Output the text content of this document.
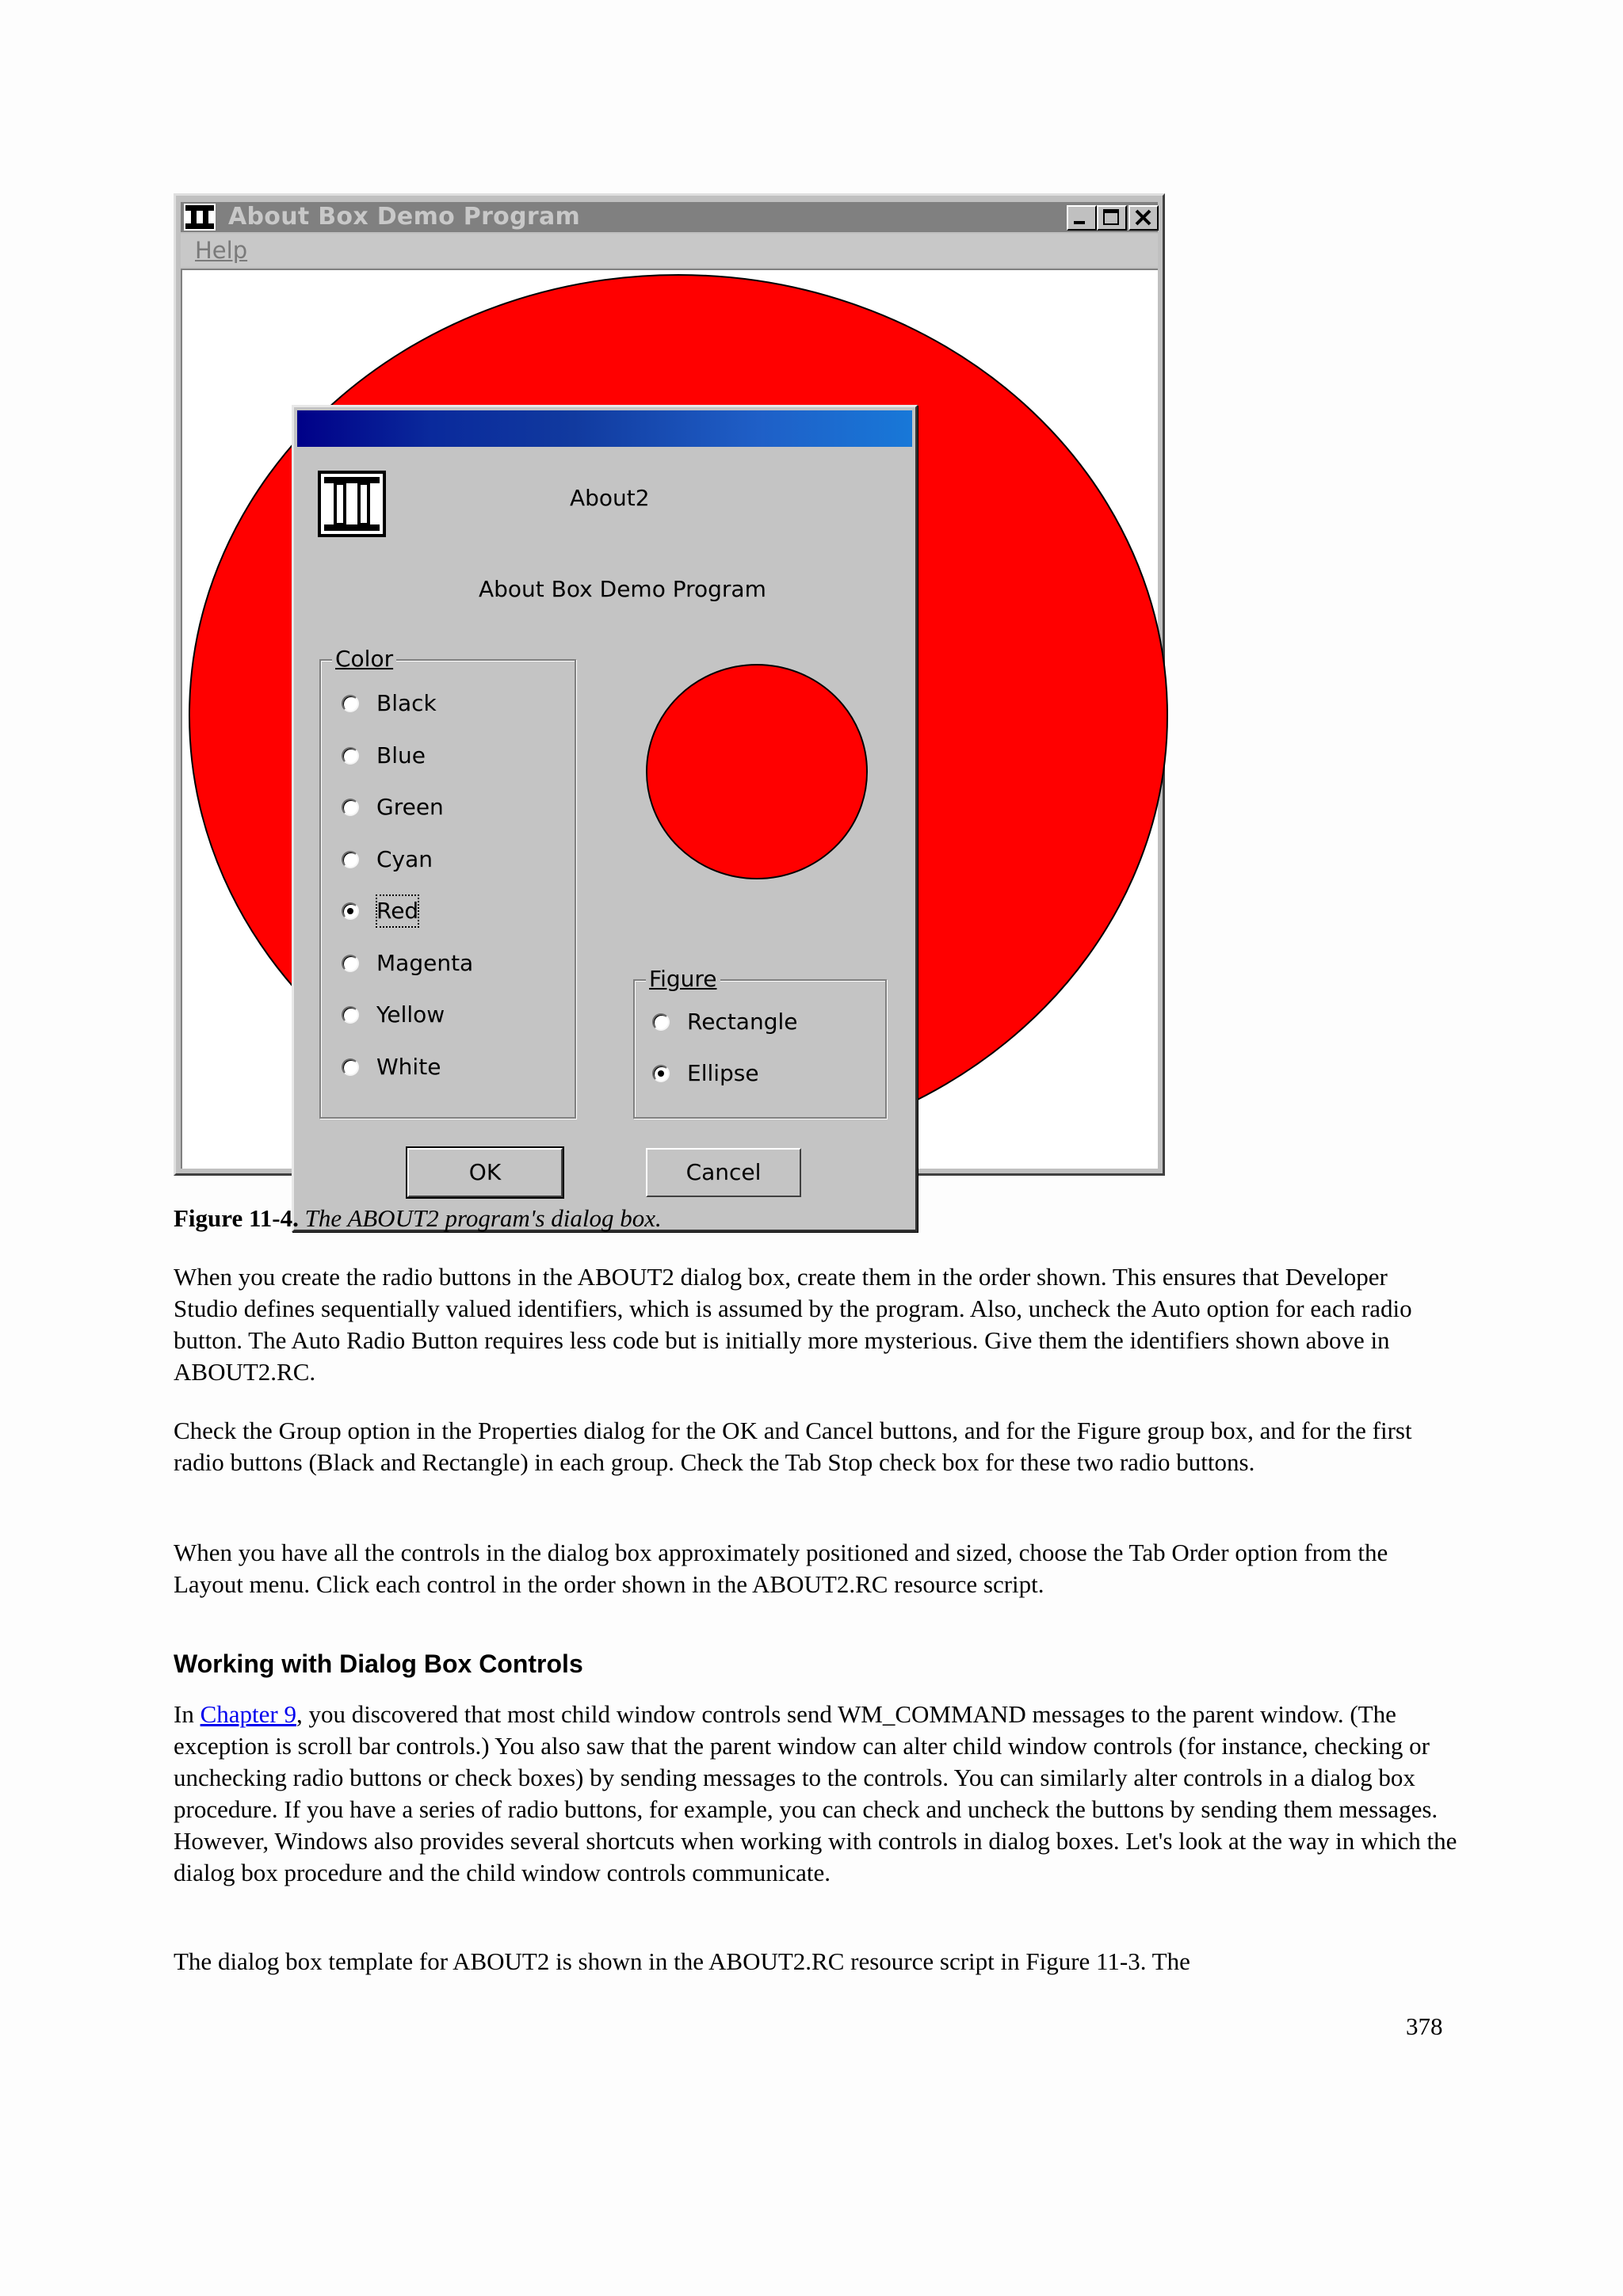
About Box Demo Program
Help
About2
About Box Demo Program
Color
Black
Blue
Green
Cyan
Red
Magenta
Yellow
White
Figure
Rectangle
Ellipse
OK	Cancel
Figure 11-4. The ABOUT2 program's dialog box.

When you create the radio buttons in the ABOUT2 dialog box, create them in the order shown. This ensures that Developer Studio defines sequentially valued identifiers, which is assumed by the program. Also, uncheck the Auto option for each radio button. The Auto Radio Button requires less code but is initially more mysterious. Give them the identifiers shown above in ABOUT2.RC.

Check the Group option in the Properties dialog for the OK and Cancel buttons, and for the Figure group box, and for the first radio buttons (Black and Rectangle) in each group. Check the Tab Stop check box for these two radio buttons.

When you have all the controls in the dialog box approximately positioned and sized, choose the Tab Order option from the Layout menu. Click each control in the order shown in the ABOUT2.RC resource script.

Working with Dialog Box Controls

In Chapter 9, you discovered that most child window controls send WM_COMMAND messages to the parent window. (The exception is scroll bar controls.) You also saw that the parent window can alter child window controls (for instance, checking or unchecking radio buttons or check boxes) by sending messages to the controls. You can similarly alter controls in a dialog box procedure. If you have a series of radio buttons, for example, you can check and uncheck the buttons by sending them messages. However, Windows also provides several shortcuts when working with controls in dialog boxes. Let's look at the way in which the dialog box procedure and the child window controls communicate.

The dialog box template for ABOUT2 is shown in the ABOUT2.RC resource script in Figure 11-3. The

378
